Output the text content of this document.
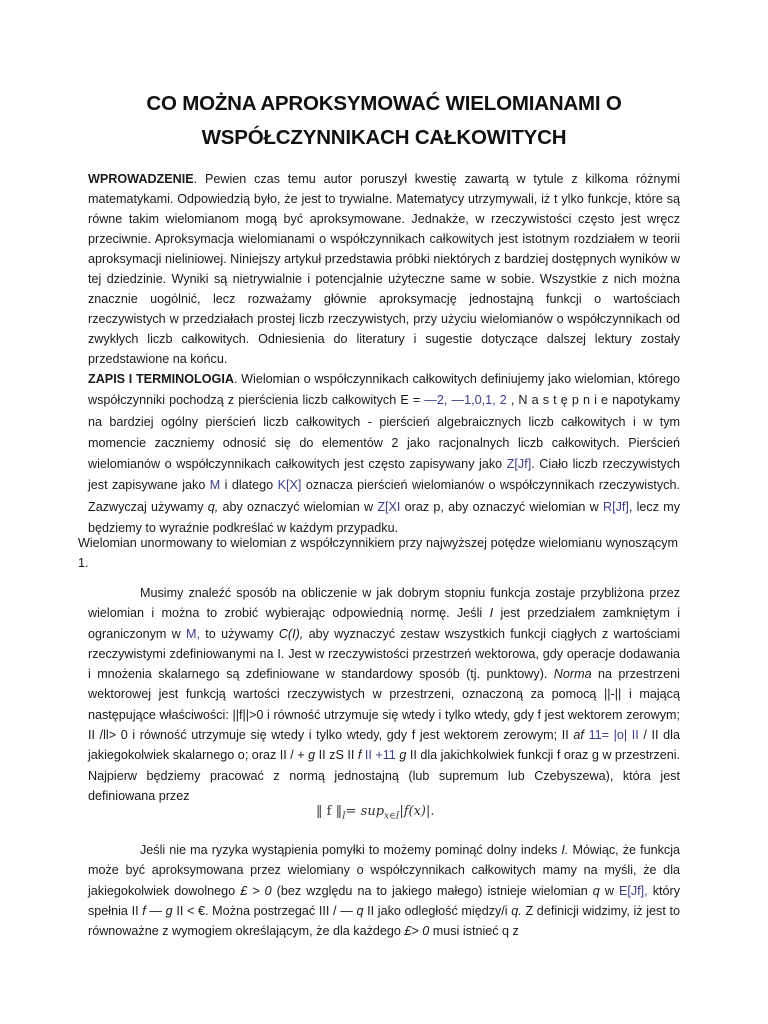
CO MOŻNA APROKSYMOWAĆ WIELOMIANAMI O
WSPÓŁCZYNNIKACH CAŁKOWITYCH

WPROWADZENIE. Pewien czas temu autor poruszył kwestię zawartą w tytule z kilkoma różnymi matematykami. Odpowiedzią było, że jest to trywialne. Matematycy utrzymywali, iż t ylko funkcje, które są równe takim wielomianom mogą być aproksymowane. Jednakże, w rzeczywistości często jest wręcz przeciwnie. Aproksymacja wielomianami o współczynnikach całkowitych jest istotnym rozdziałem w teorii aproksymacji nieliniowej. Niniejszy artykuł przedstawia próbki niektórych z bardziej dostępnych wyników w tej dziedzinie. Wyniki są nietrywialnie i potencjalnie użyteczne same w sobie. Wszystkie z nich można znacznie uogólnić, lecz rozważamy głównie aproksymację jednostajną funkcji o wartościach rzeczywistych w przedziałach prostej liczb rzeczywistych, przy użyciu wielomianów o współczynnikach od zwykłych liczb całkowitych. Odniesienia do literatury i sugestie dotyczące dalszej lektury zostały przedstawione na końcu.

ZAPIS I TERMINOLOGIA. Wielomian o współczynnikach całkowitych definiujemy jako wielomian, którego współczynniki pochodzą z pierścienia liczb całkowitych E = —2, —1,0,1, 2 , N a s t ę p n i e napotykamy na bardziej ogólny pierścień liczb całkowitych - pierścień algebraicznych liczb całkowitych i w tym momencie zaczniemy odnosić się do elementów 2 jako racjonalnych liczb całkowitych. Pierścień wielomianów o współczynnikach całkowitych jest często zapisywany jako Z[Jf]. Ciało liczb rzeczywistych jest zapisywane jako M i dlatego K[X] oznacza pierścień wielomianów o współczynnikach rzeczywistych. Zazwyczaj używamy q, aby oznaczyć wielomian w Z[XI oraz p, aby oznaczyć wielomian w R[Jf], lecz my będziemy to wyraźnie podkreślać w każdym przypadku.

Wielomian unormowany to wielomian z współczynnikiem przy najwyższej potędze wielomianu wynoszącym 1.

Musimy znaleźć sposób na obliczenie w jak dobrym stopniu funkcja zostaje przybliżona przez wielomian i można to zrobić wybierając odpowiednią normę. Jeśli I jest przedziałem zamkniętym i ograniczonym w M, to używamy C(I), aby wyznaczyć zestaw wszystkich funkcji ciągłych z wartościami rzeczywistymi zdefiniowanymi na I. Jest w rzeczywistości przestrzeń wektorowa, gdy operacje dodawania i mnożenia skalarnego są zdefiniowane w standardowy sposób (tj. punktowy). Norma na przestrzeni wektorowej jest funkcją wartości rzeczywistych w przestrzeni, oznaczoną za pomocą ||-|| i mającą następujące właściwości: ||f||>0 i równość utrzymuje się wtedy i tylko wtedy, gdy f jest wektorem zerowym; II /ll> 0 i równość utrzymuje się wtedy i tylko wtedy, gdy f jest wektorem zerowym; II af 11= |o| II / II dla jakiegokolwiek skalarnego o; oraz II / + g II zS II f II +11 g II dla jakichkolwiek funkcji f oraz g w przestrzeni. Najpierw będziemy pracować z normą jednostajną (lub supremum lub Czebyszewa), która jest definiowana przez

‖ f $‖_I= sup_{x\in I}|f(x)|$.

Jeśli nie ma ryzyka wystąpienia pomyłki to możemy pominąć dolny indeks I. Mówiąc, że funkcja może być aproksymowana przez wielomiany o współczynnikach całkowitych mamy na myśli, że dla jakiegokolwiek dowolnego £ > 0 (bez względu na to jakiego małego) istnieje wielomian q w E[Jf], który spełnia II f — g II < €. Można postrzegać III / — q II jako odległość między/i q. Z definicji widzimy, iż jest to równoważne z wymogiem określającym, że dla każdego £> 0 musi istnieć q z
